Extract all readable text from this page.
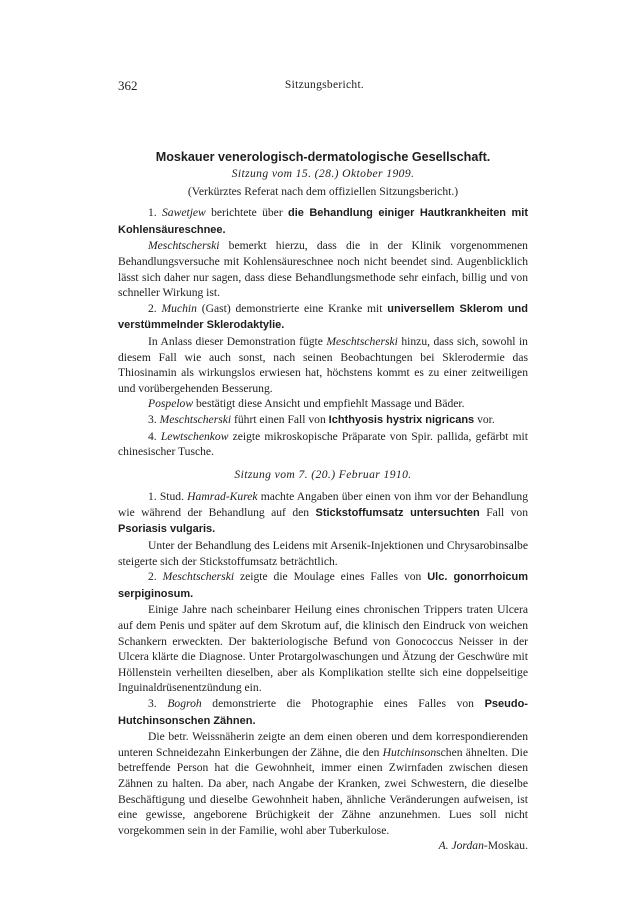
362	Sitzungsbericht.

Moskauer venerologisch-dermatologische Gesellschaft.

Sitzung vom 15. (28.) Oktober 1909.

(Verkürztes Referat nach dem offiziellen Sitzungsbericht.)

1. Sawetjew berichtete über die Behandlung einiger Hautkrankheiten mit Kohlensäureschnee.

Meschtscherski bemerkt hierzu, dass die in der Klinik vorgenommenen Behandlungsversuche mit Kohlensäureschnee noch nicht beendet sind. Augenblicklich lässt sich daher nur sagen, dass diese Behandlungsmethode sehr einfach, billig und von schneller Wirkung ist.

2. Muchin (Gast) demonstrierte eine Kranke mit universellem Sklerom und verstümmelnder Sklerodaktylie.

In Anlass dieser Demonstration fügte Meschtscherski hinzu, dass sich, sowohl in diesem Fall wie auch sonst, nach seinen Beobachtungen bei Sklerodermie das Thiosinamin als wirkungslos erwiesen hat, höchstens kommt es zu einer zeitweiligen und vorübergehenden Besserung.

Pospelow bestätigt diese Ansicht und empfiehlt Massage und Bäder.

3. Meschtscherski führt einen Fall von Ichthyosis hystrix nigricans vor.

4. Lewtschenkow zeigte mikroskopische Präparate von Spir. pallida, gefärbt mit chinesischer Tusche.

Sitzung vom 7. (20.) Februar 1910.

1. Stud. Hamrad-Kurek machte Angaben über einen von ihm vor der Behandlung wie während der Behandlung auf den Stickstoffumsatz untersuchten Fall von Psoriasis vulgaris.

Unter der Behandlung des Leidens mit Arsenik-Injektionen und Chrysarobinsalbe steigerte sich der Stickstoffumsatz beträchtlich.

2. Meschtscherski zeigte die Moulage eines Falles von Ulc. gonorrhoicum serpiginosum.

Einige Jahre nach scheinbarer Heilung eines chronischen Trippers traten Ulcera auf dem Penis und später auf dem Skrotum auf, die klinisch den Eindruck von weichen Schankern erweckten. Der bakteriologische Befund von Gonococcus Neisser in der Ulcera klärte die Diagnose. Unter Protargolwaschungen und Ätzung der Geschwüre mit Höllenstein verheilten dieselben, aber als Komplikation stellte sich eine doppelseitige Inguinaldrüsenentzündung ein.

3. Bogroh demonstrierte die Photographie eines Falles von Pseudo-Hutchinsonschen Zähnen.

Die betr. Weissnäherin zeigte an dem einen oberen und dem korrespondierenden unteren Schneidezahn Einkerbungen der Zähne, die den Hutchinsonschen ähnelten. Die betreffende Person hat die Gewohnheit, immer einen Zwirnfaden zwischen diesen Zähnen zu halten. Da aber, nach Angabe der Kranken, zwei Schwestern, die dieselbe Beschäftigung und dieselbe Gewohnheit haben, ähnliche Veränderungen aufweisen, ist eine gewisse, angeborene Brüchigkeit der Zähne anzunehmen. Lues soll nicht vorgekommen sein in der Familie, wohl aber Tuberkulose.

A. Jordan-Moskau.
